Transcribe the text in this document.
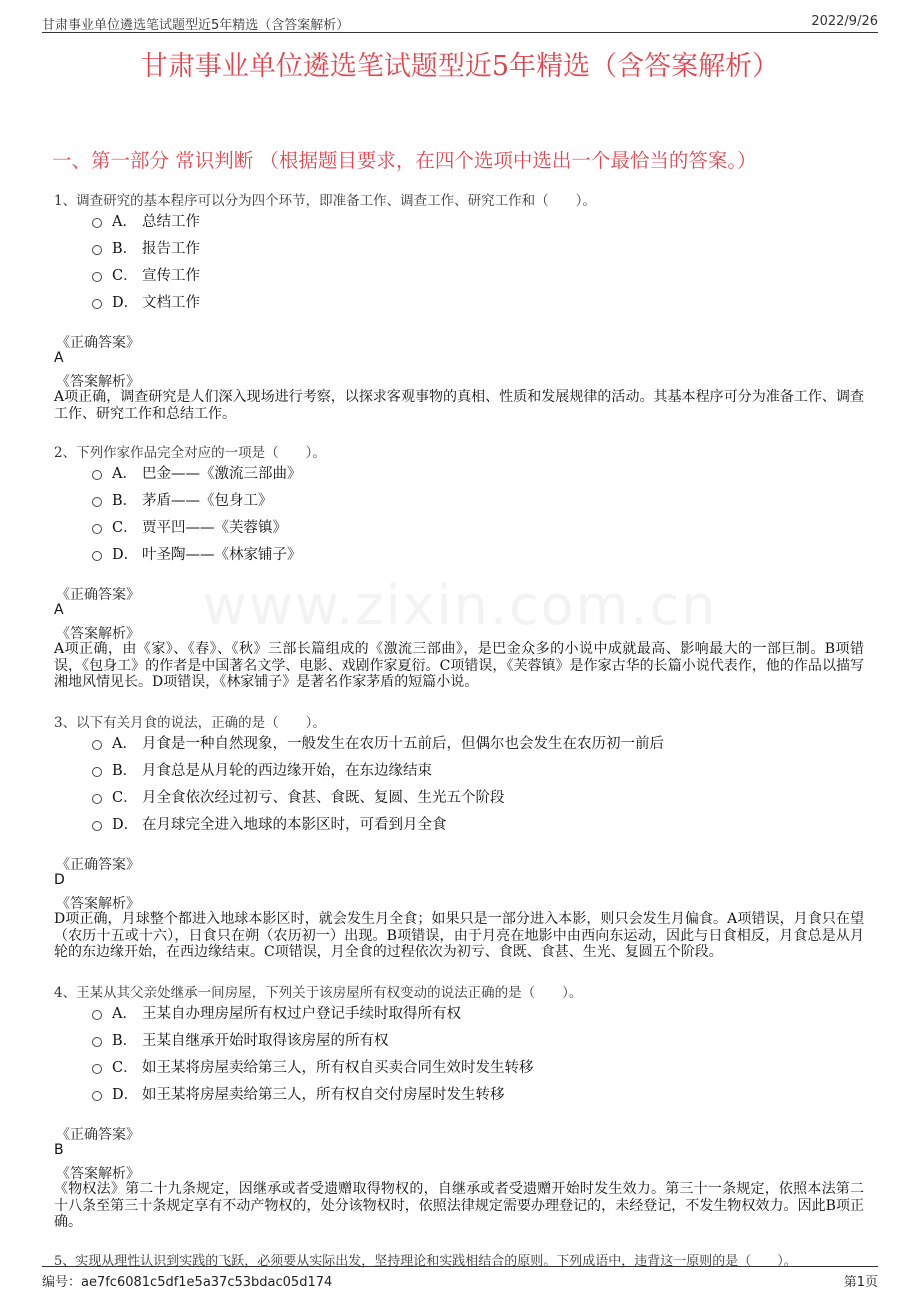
甘肃事业单位遴选笔试题型近5年精选（含答案解析）	2022/9/26
www.zixin.com.cn
甘肃事业单位遴选笔试题型近5年精选（含答案解析）
一、第一部分 常识判断 （根据题目要求，在四个选项中选出一个最恰当的答案。）
1、调查研究的基本程序可以分为四个环节，即准备工作、调查工作、研究工作和（　　）。
A． 总结工作
B． 报告工作
C． 宣传工作
D． 文档工作
《正确答案》
A
《答案解析》
A项正确，调查研究是人们深入现场进行考察，以探求客观事物的真相、性质和发展规律的活动。其基本程序可分为准备工作、调查工作、研究工作和总结工作。
2、下列作家作品完全对应的一项是（　　）。
A． 巴金——《激流三部曲》
B． 茅盾——《包身工》
C． 贾平凹——《芙蓉镇》
D． 叶圣陶——《林家铺子》
《正确答案》
A
《答案解析》
A项正确，由《家》、《春》、《秋》三部长篇组成的《激流三部曲》，是巴金众多的小说中成就最高、影响最大的一部巨制。B项错误，《包身工》的作者是中国著名文学、电影、戏剧作家夏衍。C项错误，《芙蓉镇》是作家古华的长篇小说代表作，他的作品以描写湘地风情见长。D项错误，《林家铺子》是著名作家茅盾的短篇小说。
3、以下有关月食的说法，正确的是（　　）。
A． 月食是一种自然现象，一般发生在农历十五前后，但偶尔也会发生在农历初一前后
B． 月食总是从月轮的西边缘开始，在东边缘结束
C． 月全食依次经过初亏、食甚、食既、复圆、生光五个阶段
D． 在月球完全进入地球的本影区时，可看到月全食
《正确答案》
D
《答案解析》
D项正确，月球整个都进入地球本影区时，就会发生月全食；如果只是一部分进入本影，则只会发生月偏食。A项错误，月食只在望（农历十五或十六），日食只在朔（农历初一）出现。B项错误，由于月亮在地影中由西向东运动，因此与日食相反，月食总是从月轮的东边缘开始，在西边缘结束。C项错误，月全食的过程依次为初亏、食既、食甚、生光、复圆五个阶段。
4、王某从其父亲处继承一间房屋，下列关于该房屋所有权变动的说法正确的是（　　）。
A． 王某自办理房屋所有权过户登记手续时取得所有权
B． 王某自继承开始时取得该房屋的所有权
C． 如王某将房屋卖给第三人，所有权自买卖合同生效时发生转移
D． 如王某将房屋卖给第三人，所有权自交付房屋时发生转移
《正确答案》
B
《答案解析》
《物权法》第二十九条规定，因继承或者受遗赠取得物权的，自继承或者受遗赠开始时发生效力。第三十一条规定，依照本法第二十八条至第三十条规定享有不动产物权的，处分该物权时，依照法律规定需要办理登记的，未经登记，不发生物权效力。因此B项正确。
5、实现从理性认识到实践的飞跃，必须要从实际出发，坚持理论和实践相结合的原则。下列成语中，违背这一原则的是（　　）。
编号：ae7fc6081c5df1e5a37c53bdac05d174	第1页
